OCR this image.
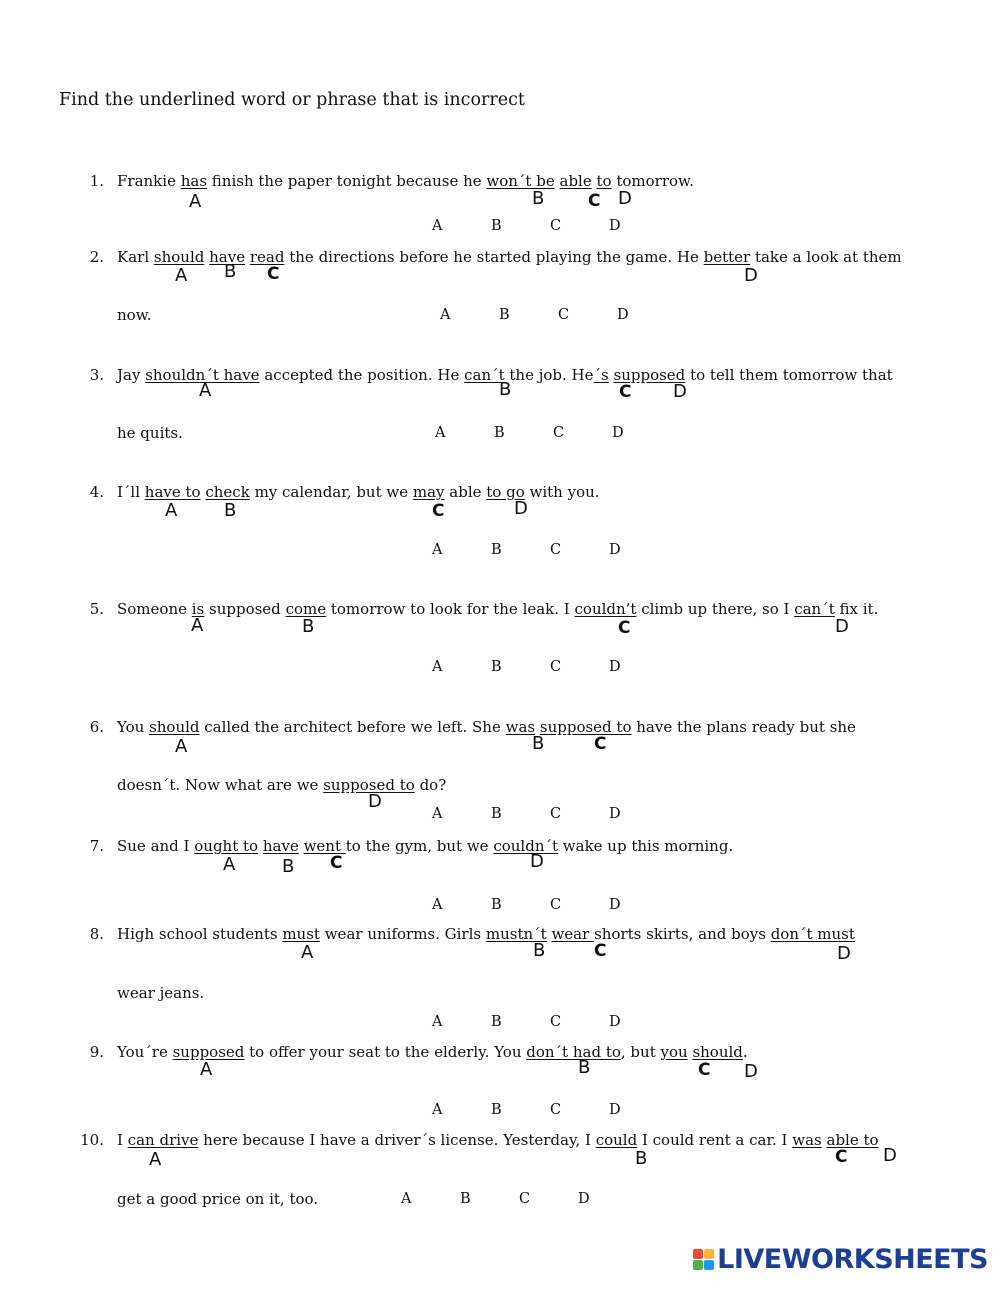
Find the underlined word or phrase that is incorrect
1. Frankie has finish the paper tonight because he won´t be able to tomorrow.
A	B	C D
A	B	C	D
2. Karl should have read the directions before he started playing the game. He better take a look at them
now.
A B C	D
A	B	C	D
3. Jay shouldn´t have accepted the position. He can´t the job. He´s supposed to tell them tomorrow that
he quits.
A	B	C D
A	B	C	D
4. I´ll have to check my calendar, but we may able to go with you.
A	B	C	D
A	B	C	D
5. Someone is supposed come tomorrow to look for the leak. I couldn’t climb up there, so I can´t fix it.
A	B	C	D
A	B	C	D
6. You should called the architect before we left. She was supposed to have the plans ready but she
doesn´t. Now what are we supposed to do?
A	B	C
D
A	B	C	D
7. Sue and I ought to have went to the gym, but we couldn´t wake up this morning.
A	B C	D
A	B	C	D
8. High school students must wear uniforms. Girls mustn´t wear shorts skirts, and boys don´t must
wear jeans.
A	B	C	D
A	B	C	D
9. You´re supposed to offer your seat to the elderly. You don´t had to, but you should.
A	B	C D
A	B	C	D
10. I can drive here because I have a driver´s license. Yesterday, I could I could rent a car. I was able to
get a good price on it, too.
A	B	C D
A	B	C	D
LIVEWORKSHEETS
